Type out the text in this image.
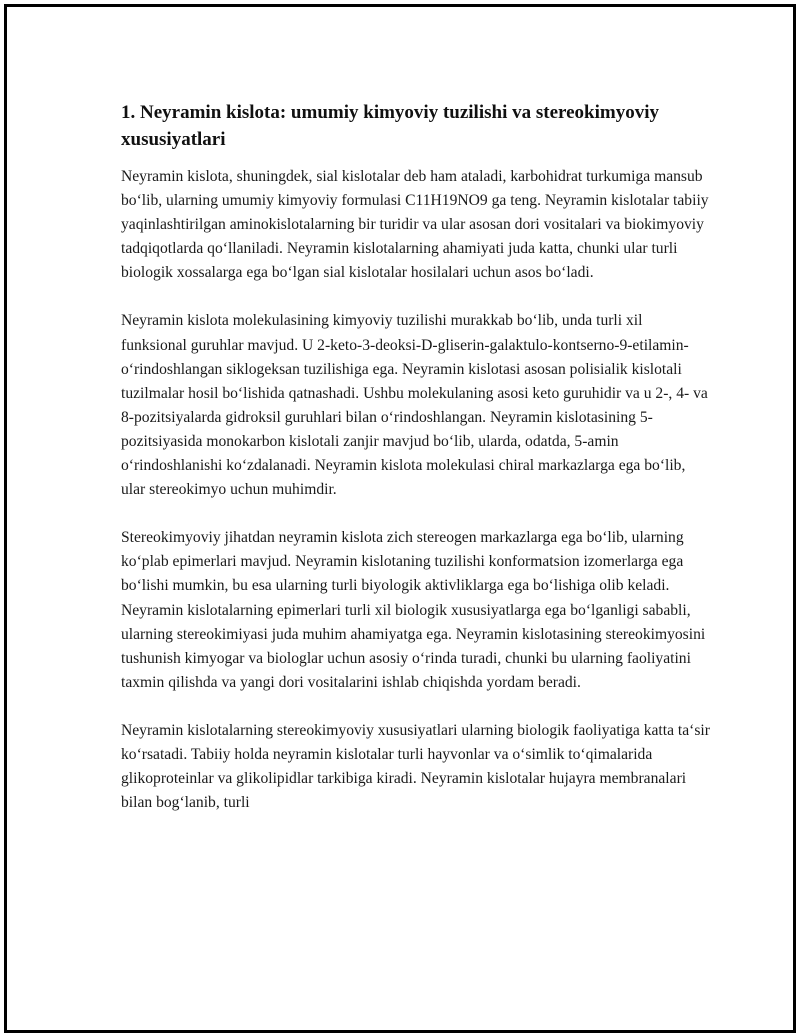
1. Neyramin kislota: umumiy kimyoviy tuzilishi va stereokimyoviy xususiyatlari

Neyramin kislota, shuningdek, sial kislotalar deb ham ataladi, karbohidrat turkumiga mansub bo‘lib, ularning umumiy kimyoviy formulasi C11H19NO9 ga teng. Neyramin kislotalar tabiiy yaqinlashtirilgan aminokislotalarning bir turidir va ular asosan dori vositalari va biokimyoviy tadqiqotlarda qo‘llaniladi. Neyramin kislotalarning ahamiyati juda katta, chunki ular turli biologik xossalarga ega bo‘lgan sial kislotalar hosilalari uchun asos bo‘ladi.

Neyramin kislota molekulasining kimyoviy tuzilishi murakkab bo‘lib, unda turli xil funksional guruhlar mavjud. U 2-keto-3-deoksi-D-gliserin-galaktulo-kontserno-9-etilamin-o‘rindoshlangan siklogeksan tuzilishiga ega. Neyramin kislotasi asosan polisialik kislotali tuzilmalar hosil bo‘lishida qatnashadi. Ushbu molekulaning asosi keto guruhidir va u 2-, 4- va 8-pozitsiyalarda gidroksil guruhlari bilan o‘rindoshlangan. Neyramin kislotasining 5-pozitsiyasida monokarbon kislotali zanjir mavjud bo‘lib, ularda, odatda, 5-amin o‘rindoshlanishi ko‘zdalanadi. Neyramin kislota molekulasi chiral markazlarga ega bo‘lib, ular stereokimyo uchun muhimdir.

Stereokimyoviy jihatdan neyramin kislota zich stereogen markazlarga ega bo‘lib, ularning ko‘plab epimerlari mavjud. Neyramin kislotaning tuzilishi konformatsion izomerlarga ega bo‘lishi mumkin, bu esa ularning turli biyologik aktivliklarga ega bo‘lishiga olib keladi. Neyramin kislotalarning epimerlari turli xil biologik xususiyatlarga ega bo‘lganligi sababli, ularning stereokimiyasi juda muhim ahamiyatga ega. Neyramin kislotasining stereokimyosini tushunish kimyogar va biologlar uchun asosiy o‘rinda turadi, chunki bu ularning faoliyatini taxmin qilishda va yangi dori vositalarini ishlab chiqishda yordam beradi.

Neyramin kislotalarning stereokimyoviy xususiyatlari ularning biologik faoliyatiga katta ta‘sir ko‘rsatadi. Tabiiy holda neyramin kislotalar turli hayvonlar va o‘simlik to‘qimalarida glikoproteinlar va glikolipidlar tarkibiga kiradi. Neyramin kislotalar hujayra membranalari bilan bog‘lanib, turli
